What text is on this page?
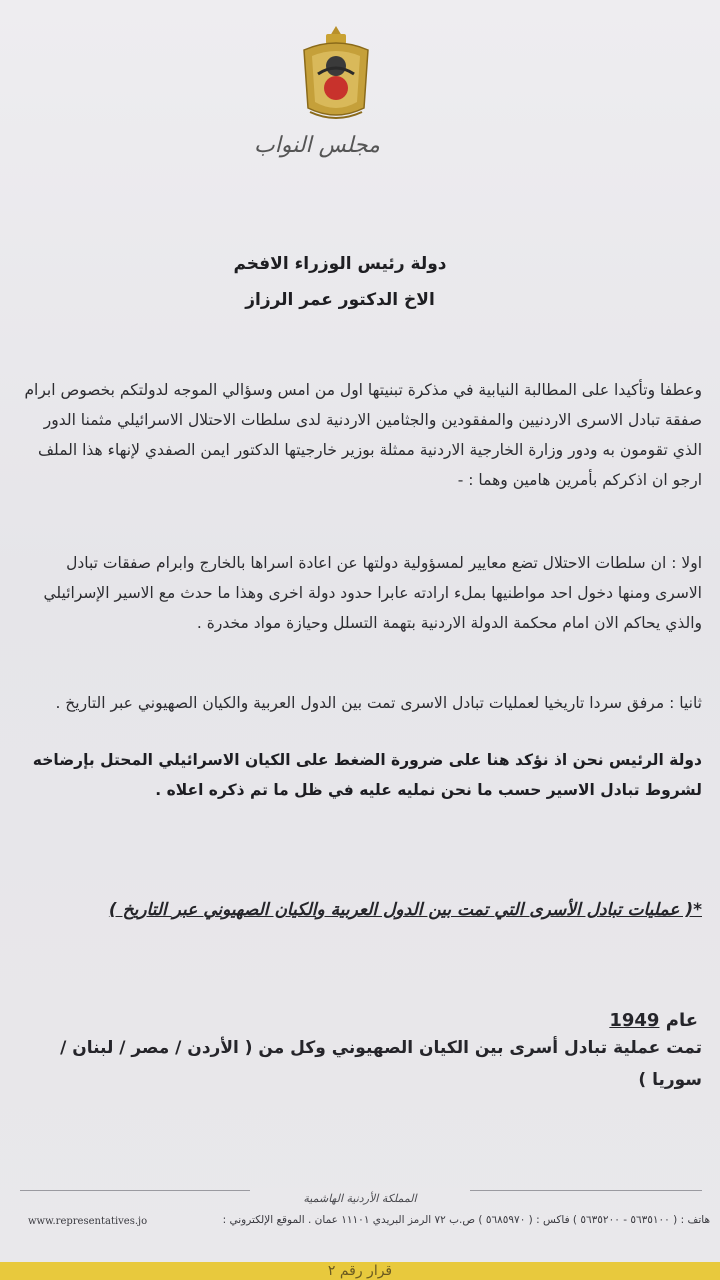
مجلس النواب
دولة رئيس الوزراء الافخم
الاخ الدكتور عمر الرزاز
وعطفا وتأكيدا على المطالبة النيابية في مذكرة تبنيتها اول من امس وسؤالي الموجه لدولتكم بخصوص ابرام صفقة تبادل الاسرى الاردنيين والمفقودين والجثامين الاردنية لدى سلطات الاحتلال الاسرائيلي مثمنا الدور الذي تقومون به ودور وزارة الخارجية الاردنية ممثلة بوزير خارجيتها الدكتور ايمن الصفدي لإنهاء هذا الملف ارجو ان اذكركم بأمرين هامين وهما : -
اولا : ان سلطات الاحتلال تضع معايير لمسؤولية دولتها عن اعادة اسراها بالخارج وابرام صفقات تبادل الاسرى ومنها دخول احد مواطنيها بملء ارادته عابرا حدود دولة اخرى وهذا ما حدث مع الاسير الإسرائيلي والذي يحاكم الان امام محكمة الدولة الاردنية بتهمة التسلل وحيازة مواد مخدرة .
ثانيا : مرفق سردا تاريخيا لعمليات تبادل الاسرى تمت بين الدول العربية والكيان الصهيوني عبر التاريخ .
دولة الرئيس نحن اذ نؤكد هنا على ضرورة الضغط على الكيان الاسرائيلي المحتل بإرضاخه لشروط تبادل الاسير حسب ما نحن نمليه عليه في ظل ما تم ذكره اعلاه .
*( عمليات تبادل الأسرى التي تمت بين الدول العربية والكيان الصهيوني عبر التاريخ )
عام 1949
تمت عملية تبادل أسرى بين الكيان الصهيوني وكل من ( الأردن / مصر / لبنان / سوريا )
المملكة الأردنية الهاشمية
هاتف : ( ٥٦٣٥١٠٠ - ٥٦٣٥٢٠٠ ) فاكس : ( ٥٦٨٥٩٧٠ ) ص.ب ٧٢ الرمز البريدي ١١١٠١ عمان . الموقع الإلكتروني :
www.representatives.jo
قرار رقم ٢
